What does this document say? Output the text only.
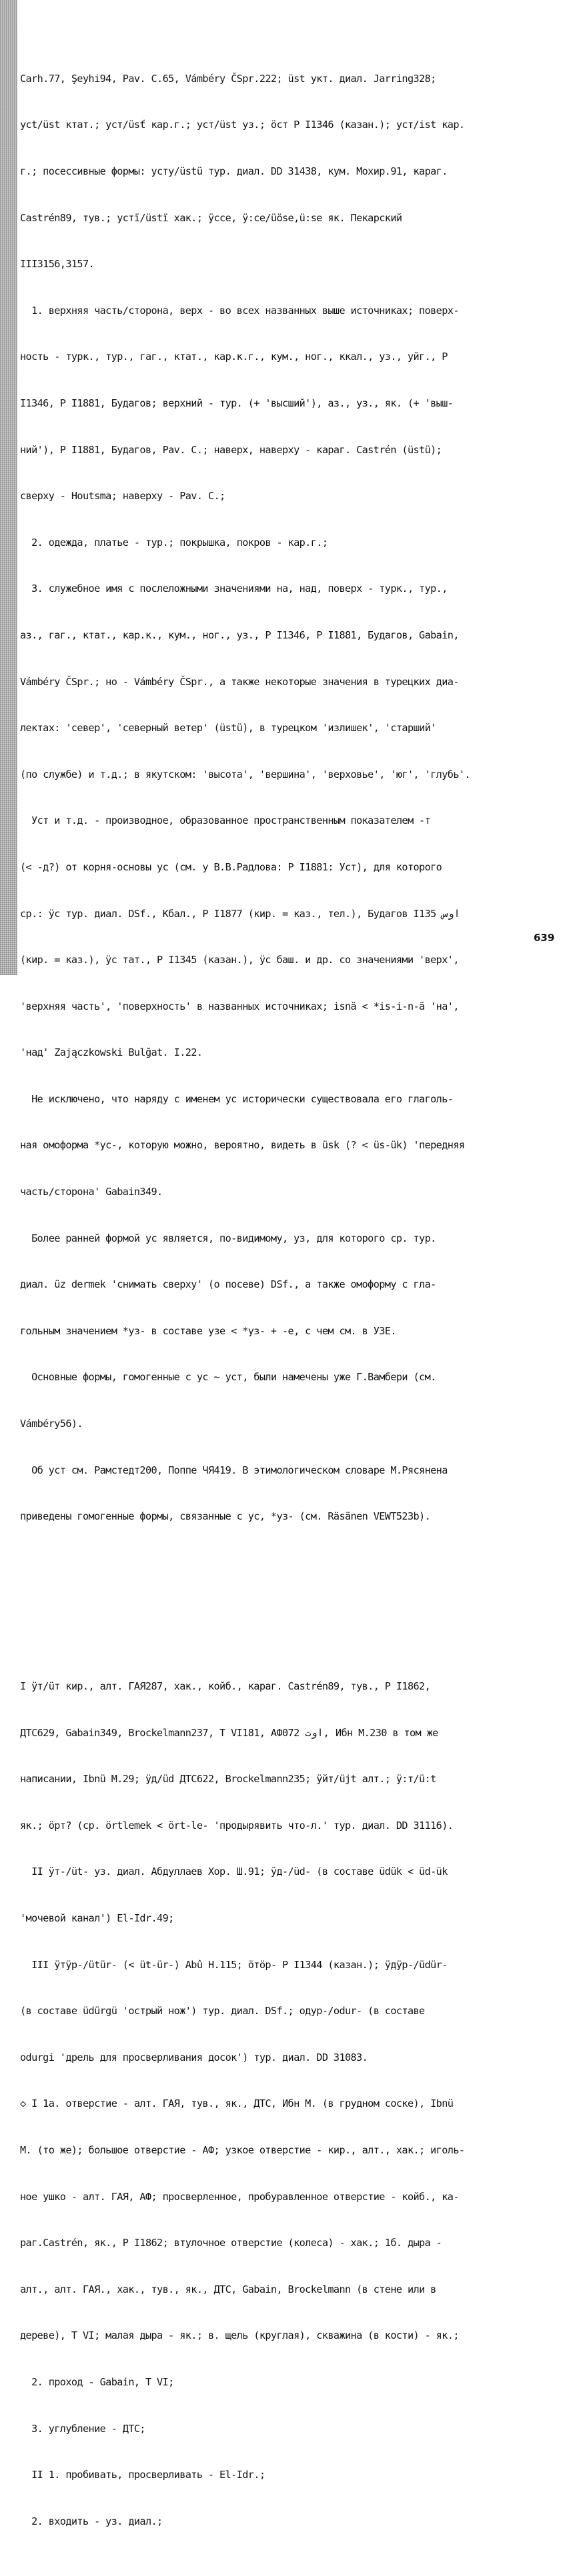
Carh.77, Şeyhi94, Pav. C.65, Vámbéry ČSpr.222; üst укт. диал. Jarring328;

yct/üst ктат.; ycт/üsť кар.г.; yст/üst уз.; ӧст Р I1346 (казан.); ycт/ist кар.

г.; посессивные формы: ycтy/üstü тур. диал. DD 31438, кум. Мохир.91, караг.

Castrén89, тув.; ycтï/üstï хак.; ÿсce, ÿ:ce/üöse,ü:se як. Пекарский

III3156,3157.

1. верхняя часть/сторона, верх - во всех названных выше источниках; поверх-

ность - турк., тур., гаг., ктат., кар.к.г., кум., ног., ккал., уз., уйг., Р

I1346, Р I1881, Будагов; верхний - тур. (+ 'высший'), аз., уз., як. (+ 'выш-

ний'), Р I1881, Будагов, Pav. C.; наверх, наверху - караг. Castrén (üstü);

сверху - Houtsma; наверху - Pav. C.;

2. одежда, платье - тур.; покрышка, покров - кар.г.;

3. служебное имя с послеложными значениями на, над, поверх - турк., тур.,

аз., гаг., ктат., кар.к., кум., ног., уз., Р I1346, Р I1881, Будагов, Gabain,

Vámbéry ČSpr.; но - Vámbéry ČSpr., а также некоторые значения в турецких диа-

лектах: 'север', 'северный ветер' (üstü), в турецком 'излишек', 'старший'

(по службе) и т.д.; в якутском: 'высота', 'вершина', 'верховье', 'юг', 'глубь'.

Уст и т.д. - производное, образованное пространственным показателем -т

(< -д?) от корня-основы ус (см. у В.В.Радлова: Р I1881: Уст), для которого

ср.: ÿс тур. диал. DSf., Кбал., Р I1877 (кир. = каз., тел.), Будагов I135 اوس

(кир. = каз.), ÿc тат., Р I1345 (казан.), ÿс баш. и др. со значениями 'верх',

'верхняя часть', 'поверхность' в названных источниках; isnä < *is-i-n-ä 'на',

'над' Zajączkowski Bulğat. I.22.

Не исключено, что наряду с именем ус исторически существовала его глаголь-

ная омоформа *ус-, которую можно, вероятно, видеть в üsk (? < üs-ük) 'передняя

часть/сторона' Gabain349.

Более ранней формой ус является, по-видимому, уз, для которого ср. тур.

диал. üz dermek 'снимать сверху' (о посеве) DSf., а также омоформу с гла-

гольным значением *уз- в составе узе < *уз- + -е, с чем см. в УЗЕ.

Основные формы, гомогенные с ус ~ уст, были намечены уже Г.Вамбери (см.

Vámbéry56).

Об уст см. Рамстедт200, Поппе ЧЯ419. В этимологическом словаре М.Рясянена

приведены гомогенные формы, связанные с ус, *уз- (см. Räsänen VEWT523b).

I ÿт/üт кир., алт. ГАЯ287, хак., койб., караг. Castrén89, тув., Р I1862,

ДТС629, Gabain349, Brockelmann237, Т VI181, АФ072 اوت, Ибн М.230 в том же

написании, Ibnü M.29; ÿд/üd ДТС622, Brockelmann235; ÿйт/üjt алт.; ÿ:т/ü:t

як.; ӧрт? (ср. örtlemek < ört-le- 'продырявить что-л.' тур. диал. DD 31116).

II ÿт-/üt- уз. диал. Абдуллаев Хор. Ш.91; ÿд-/üd- (в составе üdük < üd-ük

'мочевой канал') El-Idr.49;

III ÿтÿр-/ütür- (< üt-ür-) Abû H.115; ӧтӧр- Р I1344 (казан.); ÿдÿр-/üdür-

(в составе üdürgü 'острый нож') тур. диал. DSf.; одур-/odur- (в составе

odurgi 'дрель для просверливания досок') тур. диал. DD 31083.

◇ I 1а. отверстие - алт. ГАЯ, тув., як., ДТС, Ибн М. (в грудном соске), Ibnü

M. (то же); большое отверстие - АФ; узкое отверстие - кир., алт., хак.; иголь-

ное ушко - алт. ГАЯ, АФ; просверленное, пробуравленное отверстие - койб., ка-

раг.Castrén, як., Р I1862; втулочное отверстие (колеса) - хак.; 1б. дыра -

алт., алт. ГАЯ., хак., тув., як., ДТС, Gabain, Brockelmann (в стене или в

дереве), Т VI; малая дыра - як.; в. щель (круглая), скважина (в кости) - як.;

2. проход - Gabain, Т VI;

3. углубление - ДТС;

II 1. пробивать, просверливать - El-Idr.;

2. входить - уз. диал.;

639
